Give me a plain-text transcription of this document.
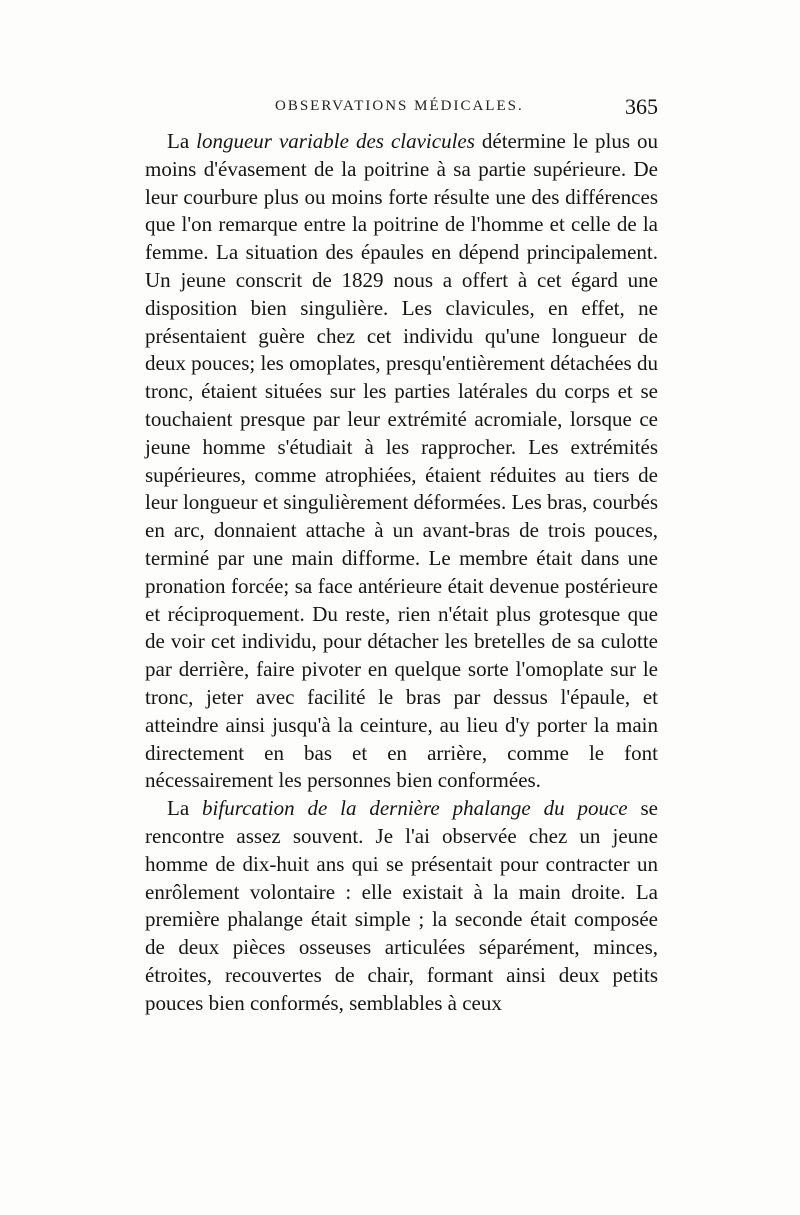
OBSERVATIONS MÉDICALES.	365

La longueur variable des clavicules détermine le plus ou moins d'évasement de la poitrine à sa partie supérieure. De leur courbure plus ou moins forte résulte une des différences que l'on remarque entre la poitrine de l'homme et celle de la femme. La situation des épaules en dépend principalement. Un jeune conscrit de 1829 nous a offert à cet égard une disposition bien singulière. Les clavicules, en effet, ne présentaient guère chez cet individu qu'une longueur de deux pouces; les omoplates, presqu'entièrement détachées du tronc, étaient situées sur les parties latérales du corps et se touchaient presque par leur extrémité acromiale, lorsque ce jeune homme s'étudiait à les rapprocher. Les extrémités supérieures, comme atrophiées, étaient réduites au tiers de leur longueur et singulièrement déformées. Les bras, courbés en arc, donnaient attache à un avant-bras de trois pouces, terminé par une main difforme. Le membre était dans une pronation forcée; sa face antérieure était devenue postérieure et réciproquement. Du reste, rien n'était plus grotesque que de voir cet individu, pour détacher les bretelles de sa culotte par derrière, faire pivoter en quelque sorte l'omoplate sur le tronc, jeter avec facilité le bras par dessus l'épaule, et atteindre ainsi jusqu'à la ceinture, au lieu d'y porter la main directement en bas et en arrière, comme le font nécessairement les personnes bien conformées.

La bifurcation de la dernière phalange du pouce se rencontre assez souvent. Je l'ai observée chez un jeune homme de dix-huit ans qui se présentait pour contracter un enrôlement volontaire : elle existait à la main droite. La première phalange était simple ; la seconde était composée de deux pièces osseuses articulées séparément, minces, étroites, recouvertes de chair, formant ainsi deux petits pouces bien conformés, semblables à ceux
